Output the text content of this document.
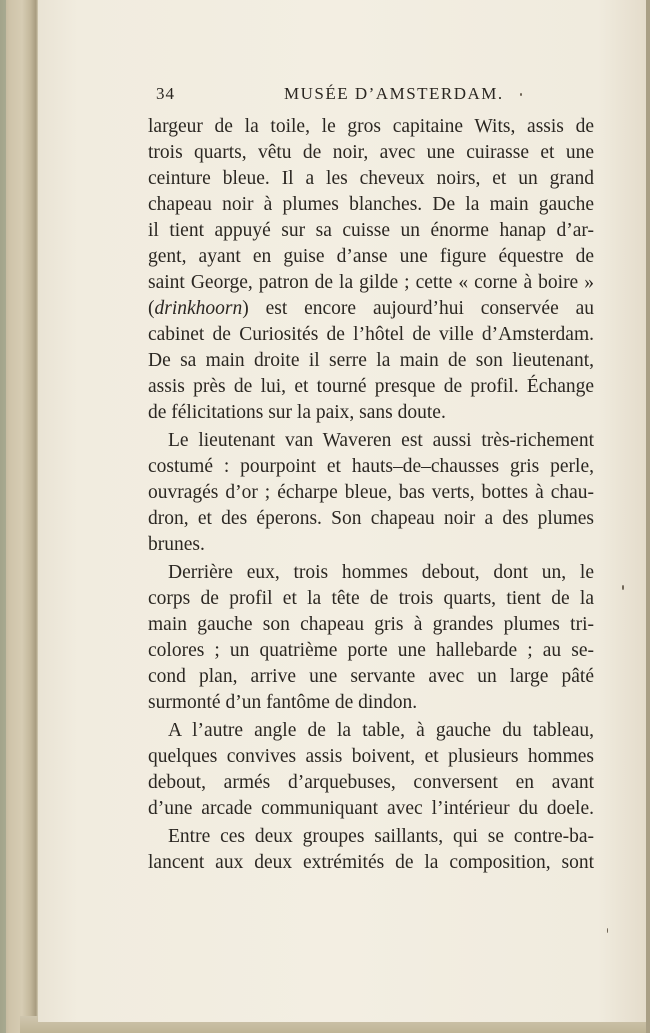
34	MUSÉE D’AMSTERDAM.
largeur de la toile, le gros capitaine Wits, assis de
trois quarts, vêtu de noir, avec une cuirasse et une
ceinture bleue. Il a les cheveux noirs, et un grand
chapeau noir à plumes blanches. De la main gauche
il tient appuyé sur sa cuisse un énorme hanap d’ar-
gent, ayant en guise d’anse une figure équestre de
saint George, patron de la gilde ; cette « corne à boire »
(drinkhoorn) est encore aujourd’hui conservée au
cabinet de Curiosités de l’hôtel de ville d’Amsterdam.
De sa main droite il serre la main de son lieutenant,
assis près de lui, et tourné presque de profil. Échange
de félicitations sur la paix, sans doute.
Le lieutenant van Waveren est aussi très-richement
costumé : pourpoint et hauts–de–chausses gris perle,
ouvragés d’or ; écharpe bleue, bas verts, bottes à chau-
dron, et des éperons. Son chapeau noir a des plumes
brunes.
Derrière eux, trois hommes debout, dont un, le
corps de profil et la tête de trois quarts, tient de la
main gauche son chapeau gris à grandes plumes tri-
colores ; un quatrième porte une hallebarde ; au se-
cond plan, arrive une servante avec un large pâté
surmonté d’un fantôme de dindon.
A l’autre angle de la table, à gauche du tableau,
quelques convives assis boivent, et plusieurs hommes
debout, armés d’arquebuses, conversent en avant
d’une arcade communiquant avec l’intérieur du doele.
Entre ces deux groupes saillants, qui se contre-ba-
lancent aux deux extrémités de la composition, sont
